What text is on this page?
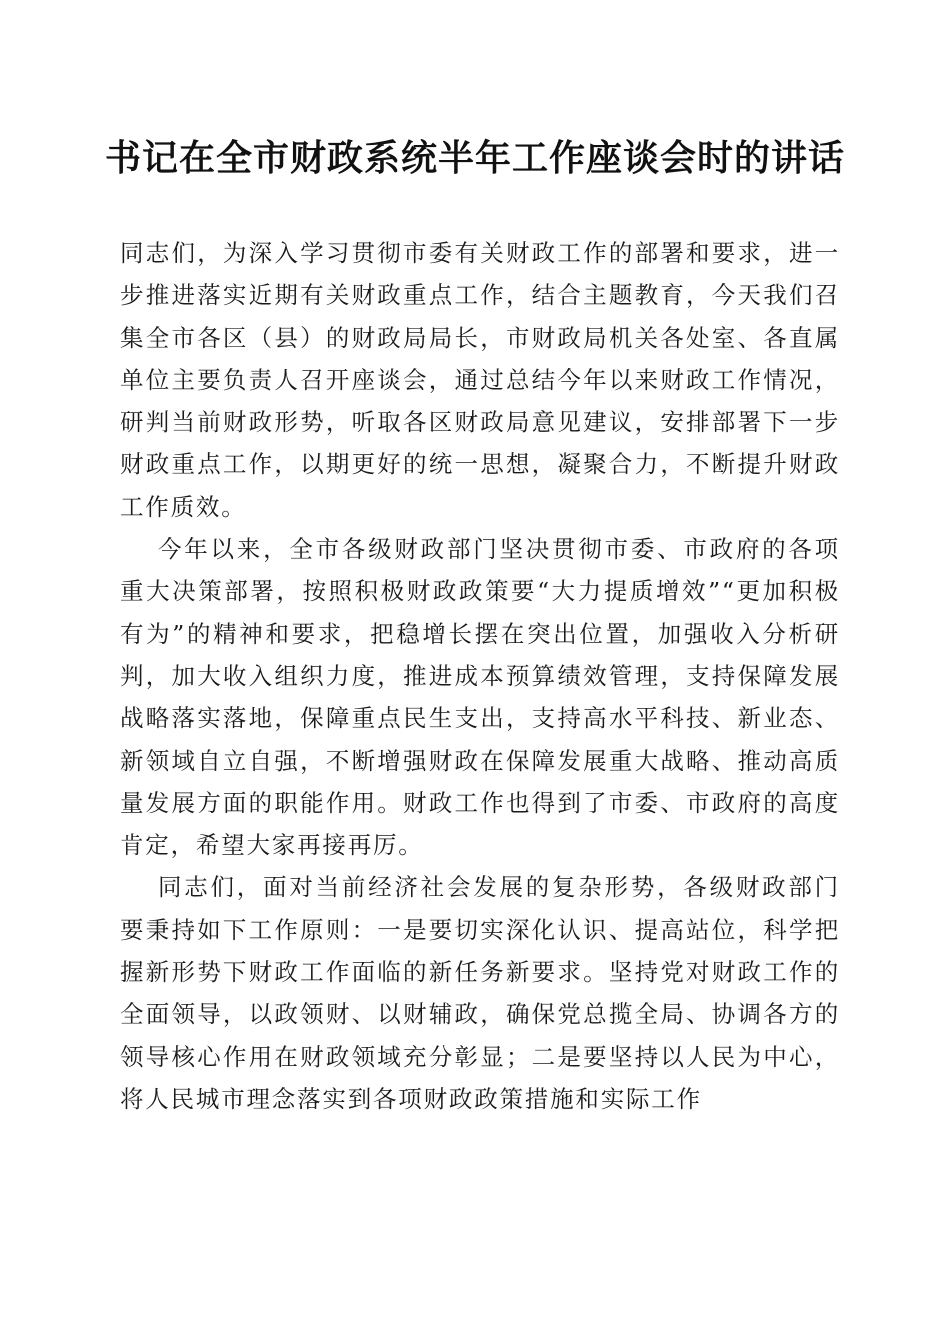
书记在全市财政系统半年工作座谈会时的讲话

同志们，为深入学习贯彻市委有关财政工作的部署和要求，进一步推进落实近期有关财政重点工作，结合主题教育，今天我们召集全市各区（县）的财政局局长，市财政局机关各处室、各直属单位主要负责人召开座谈会，通过总结今年以来财政工作情况，研判当前财政形势，听取各区财政局意见建议，安排部署下一步财政重点工作，以期更好的统一思想，凝聚合力，不断提升财政工作质效。

今年以来，全市各级财政部门坚决贯彻市委、市政府的各项重大决策部署，按照积极财政政策要“大力提质增效”“更加积极有为”的精神和要求，把稳增长摆在突出位置，加强收入分析研判，加大收入组织力度，推进成本预算绩效管理，支持保障发展战略落实落地，保障重点民生支出，支持高水平科技、新业态、新领域自立自强，不断增强财政在保障发展重大战略、推动高质量发展方面的职能作用。财政工作也得到了市委、市政府的高度肯定，希望大家再接再厉。

同志们，面对当前经济社会发展的复杂形势，各级财政部门要秉持如下工作原则：一是要切实深化认识、提高站位，科学把握新形势下财政工作面临的新任务新要求。坚持党对财政工作的全面领导，以政领财、以财辅政，确保党总揽全局、协调各方的领导核心作用在财政领域充分彰显；二是要坚持以人民为中心，将人民城市理念落实到各项财政政策措施和实际工作
